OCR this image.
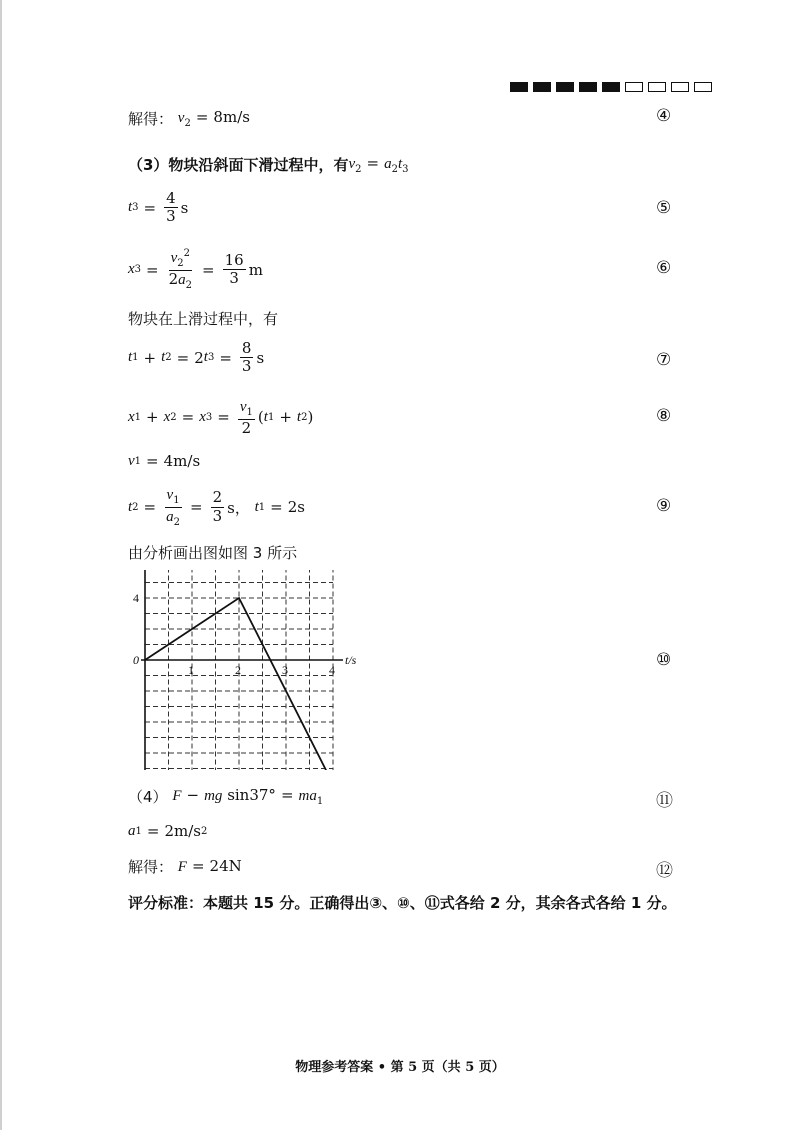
解得： $v_2 = 8m/s$	④
（3）物块沿斜面下滑过程中，有 $v_2 = a_2t_3$
t $3 = \frac{4}{3}$ s	⑤
x $3 = \frac{v_2^2}{2a_2} = \frac{16}{3}$ m	⑥
物块在上滑过程中，有
t 1 + t 2 = 2 t $3 = \frac{8}{3}$ s	⑦
x 1 + x 2 = x $3 = \frac{v_1}{2}$ ( t 1 + t 2 )	⑧
v 1 = 4m/s
t $2 = \frac{v_1}{a_2} = \frac{2}{3}$ s， t 1 = 2s	⑨
由分析画出图如图 3 所示
t/s
1	2	3	4
4
0	⑩
（4） F − mg $\sin 37^\circ = ma_1$	⑪
a 1 = 2m/s 2
解得： F = 24N	⑫
评分标准：本题共 15 分。正确得出③、⑩、⑪式各给 2 分，其余各式各给 1 分。
物理参考答案 • 第 5 页（共 5 页）
